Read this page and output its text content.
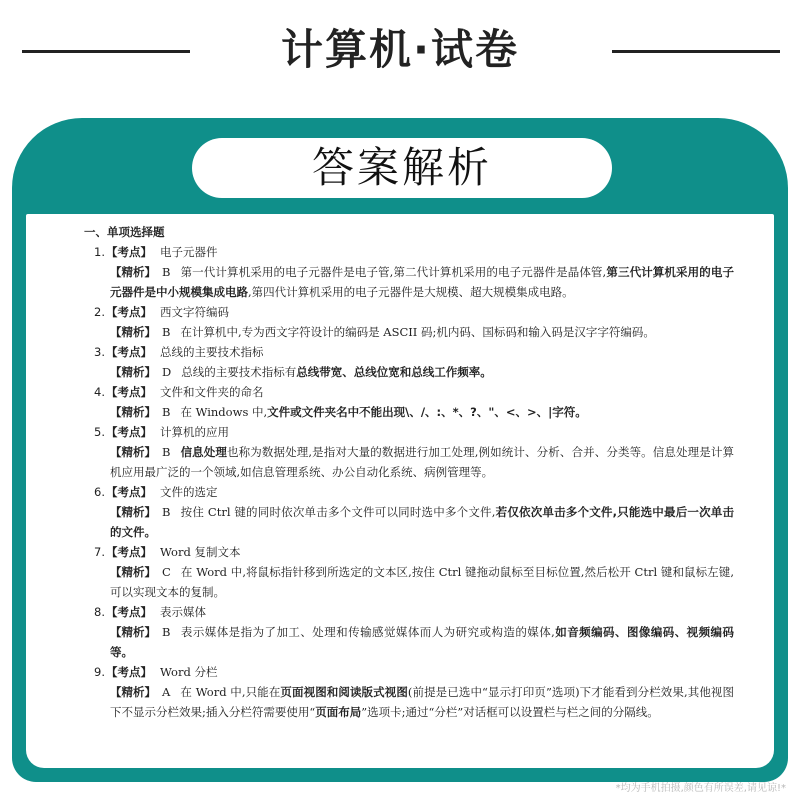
计算机·试卷
答案解析
一、单项选择题
1.【考点】 电子元器件
【精析】 B 第一代计算机采用的电子元器件是电子管,第二代计算机采用的电子元器件是晶体管,第三代计算机采用的电子元器件是中小规模集成电路,第四代计算机采用的电子元器件是大规模、超大规模集成电路。
2.【考点】 西文字符编码
【精析】 B 在计算机中,专为西文字符设计的编码是 ASCII 码;机内码、国标码和输入码是汉字字符编码。
3.【考点】 总线的主要技术指标
【精析】 D 总线的主要技术指标有总线带宽、总线位宽和总线工作频率。
4.【考点】 文件和文件夹的命名
【精析】 B 在 Windows 中,文件或文件夹名中不能出现\、/、:、*、?、"、<、>、|字符。
5.【考点】 计算机的应用
【精析】 B 信息处理也称为数据处理,是指对大量的数据进行加工处理,例如统计、分析、合并、分类等。信息处理是计算机应用最广泛的一个领域,如信息管理系统、办公自动化系统、病例管理等。
6.【考点】 文件的选定
【精析】 B 按住 Ctrl 键的同时依次单击多个文件可以同时选中多个文件,若仅依次单击多个文件,只能选中最后一次单击的文件。
7.【考点】 Word 复制文本
【精析】 C 在 Word 中,将鼠标指针移到所选定的文本区,按住 Ctrl 键拖动鼠标至目标位置,然后松开 Ctrl 键和鼠标左键,可以实现文本的复制。
8.【考点】 表示媒体
【精析】 B 表示媒体是指为了加工、处理和传输感觉媒体而人为研究或构造的媒体,如音频编码、图像编码、视频编码等。
9.【考点】 Word 分栏
【精析】 A 在 Word 中,只能在页面视图和阅读版式视图(前提是已选中“显示打印页”选项)下才能看到分栏效果,其他视图下不显示分栏效果;插入分栏符需要使用“页面布局”选项卡;通过“分栏”对话框可以设置栏与栏之间的分隔线。
*均为手机拍摄,颜色有所误差,请见谅!*
